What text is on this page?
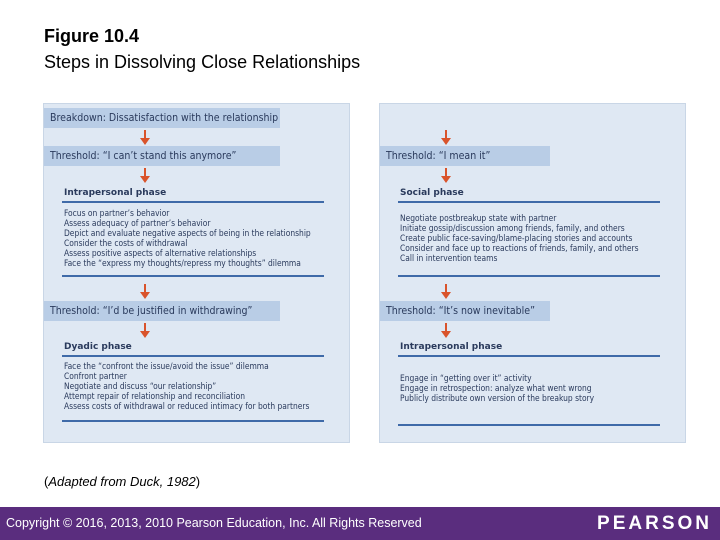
Figure 10.4
Steps in Dissolving Close Relationships
Breakdown: Dissatisfaction with the relationship
Threshold: “I can’t stand this anymore”
Intrapersonal phase
Focus on partner’s behavior
Assess adequacy of partner’s behavior
Depict and evaluate negative aspects of being in the relationship
Consider the costs of withdrawal
Assess positive aspects of alternative relationships
Face the “express my thoughts/repress my thoughts” dilemma
Threshold: “I’d be justified in withdrawing”
Dyadic phase
Face the “confront the issue/avoid the issue” dilemma
Confront partner
Negotiate and discuss “our relationship”
Attempt repair of relationship and reconciliation
Assess costs of withdrawal or reduced intimacy for both partners
Threshold: “I mean it”
Social phase
Negotiate postbreakup state with partner
Initiate gossip/discussion among friends, family, and others
Create public face-saving/blame-placing stories and accounts
Consider and face up to reactions of friends, family, and others
Call in intervention teams
Threshold: “It’s now inevitable”
Intrapersonal phase
Engage in “getting over it” activity
Engage in retrospection: analyze what went wrong
Publicly distribute own version of the breakup story
(Adapted from Duck, 1982)
Copyright © 2016, 2013, 2010 Pearson Education, Inc. All Rights Reserved	PEARSON
